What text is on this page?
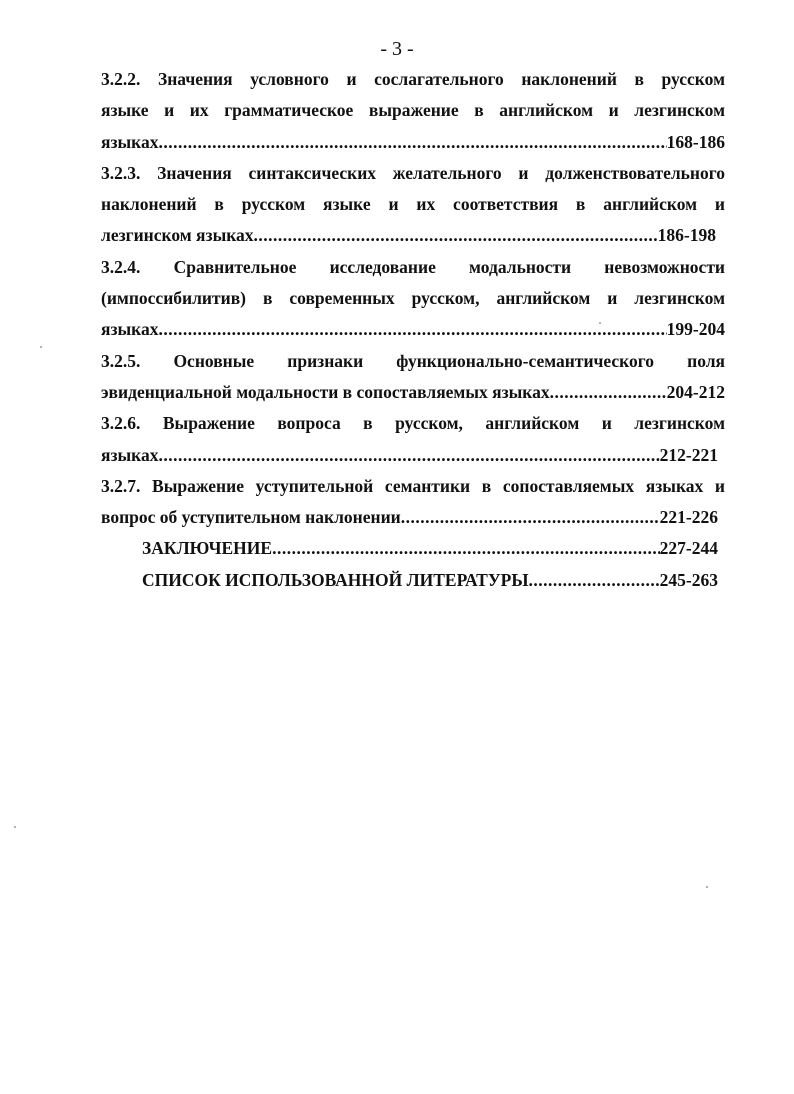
- 3 -
3.2.2. Значения условного и сослагательного наклонений в русском
языке и их грамматическое выражение в английском и лезгинском
языках .....	168-186
3.2.3. Значения синтаксических желательного и долженствовательного
наклонений в русском языке и их соответствия в английском и
лезгинском языках .....	186-198
3.2.4. Сравнительное исследование модальности невозможности
(импоссибилитив) в современных русском, английском и лезгинском
языках .....	199-204
3.2.5. Основные признаки функционально-семантического поля
эвиденциальной модальности в сопоставляемых языках .....	204-212
3.2.6. Выражение вопроса в русском, английском и лезгинском
языках .....	212-221
3.2.7. Выражение уступительной семантики в сопоставляемых языках и
вопрос об уступительном наклонении .....	221-226
ЗАКЛЮЧЕНИЕ .....	227-244
СПИСОК ИСПОЛЬЗОВАННОЙ ЛИТЕРАТУРЫ .....	245-263
